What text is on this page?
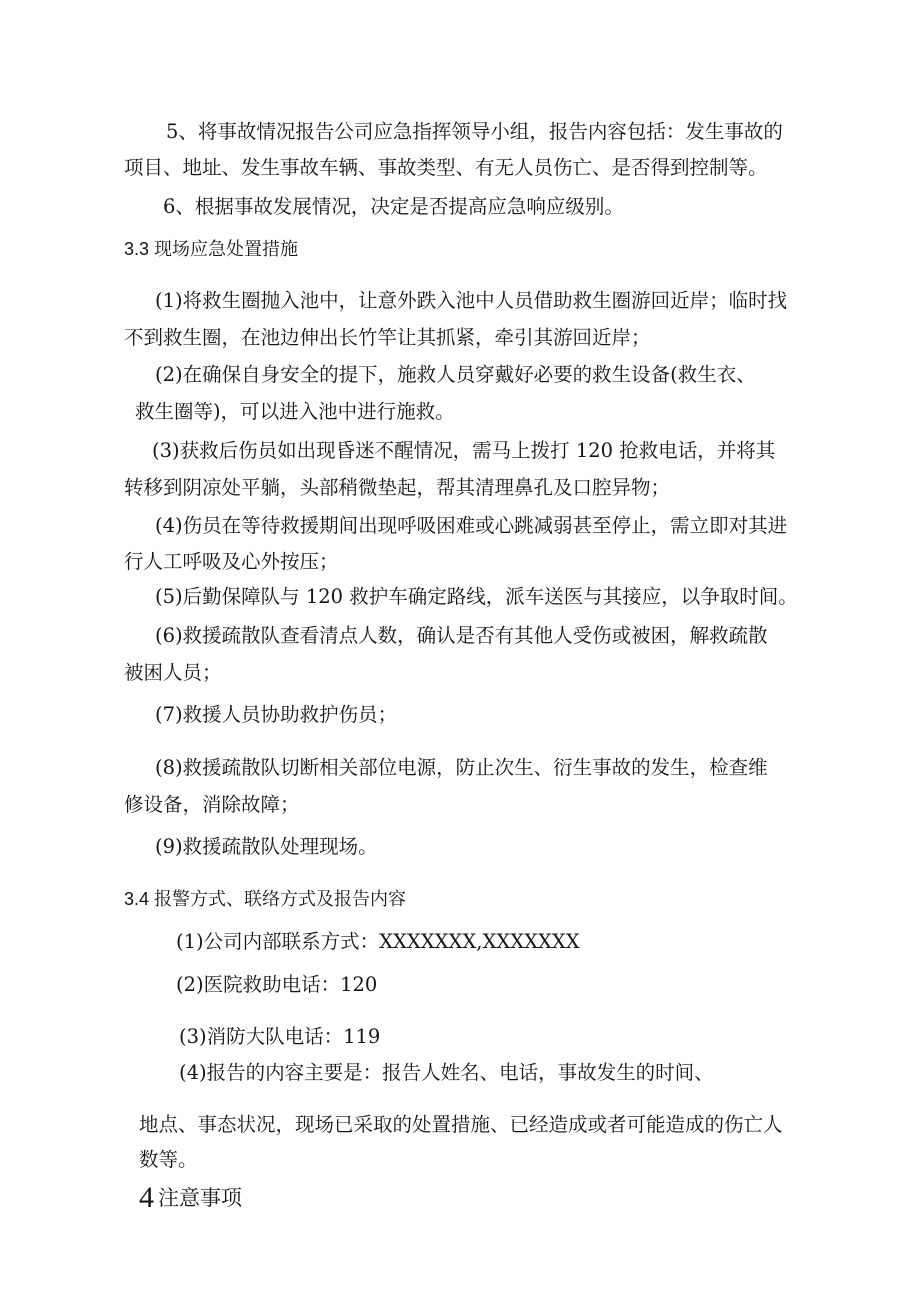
5、将事故情况报告公司应急指挥领导小组，报告内容包括：发生事故的

项目、地址、发生事故车辆、事故类型、有无人员伤亡、是否得到控制等。

6、根据事故发展情况，决定是否提高应急响应级别。

3.3 现场应急处置措施

(1)将救生圈抛入池中，让意外跌入池中人员借助救生圈游回近岸；临时找

不到救生圈，在池边伸出长竹竿让其抓紧，牵引其游回近岸；

(2)在确保自身安全的提下，施救人员穿戴好必要的救生设备(救生衣、

救生圈等)，可以进入池中进行施救。

(3)获救后伤员如出现昏迷不醒情况，需马上拨打 120 抢救电话，并将其

转移到阴凉处平躺，头部稍微垫起，帮其清理鼻孔及口腔异物；

(4)伤员在等待救援期间出现呼吸困难或心跳减弱甚至停止，需立即对其进

行人工呼吸及心外按压；

(5)后勤保障队与 120 救护车确定路线，派车送医与其接应，以争取时间。

(6)救援疏散队查看清点人数，确认是否有其他人受伤或被困，解救疏散

被困人员；

(7)救援人员协助救护伤员；

(8)救援疏散队切断相关部位电源，防止次生、衍生事故的发生，检查维

修设备，消除故障；

(9)救援疏散队处理现场。

3.4 报警方式、联络方式及报告内容

(1)公司内部联系方式：XXXXXXX,XXXXXXX

(2)医院救助电话：120

(3)消防大队电话：119

(4)报告的内容主要是：报告人姓名、电话，事故发生的时间、

地点、事态状况，现场已采取的处置措施、已经造成或者可能造成的伤亡人

数等。

4 注意事项
